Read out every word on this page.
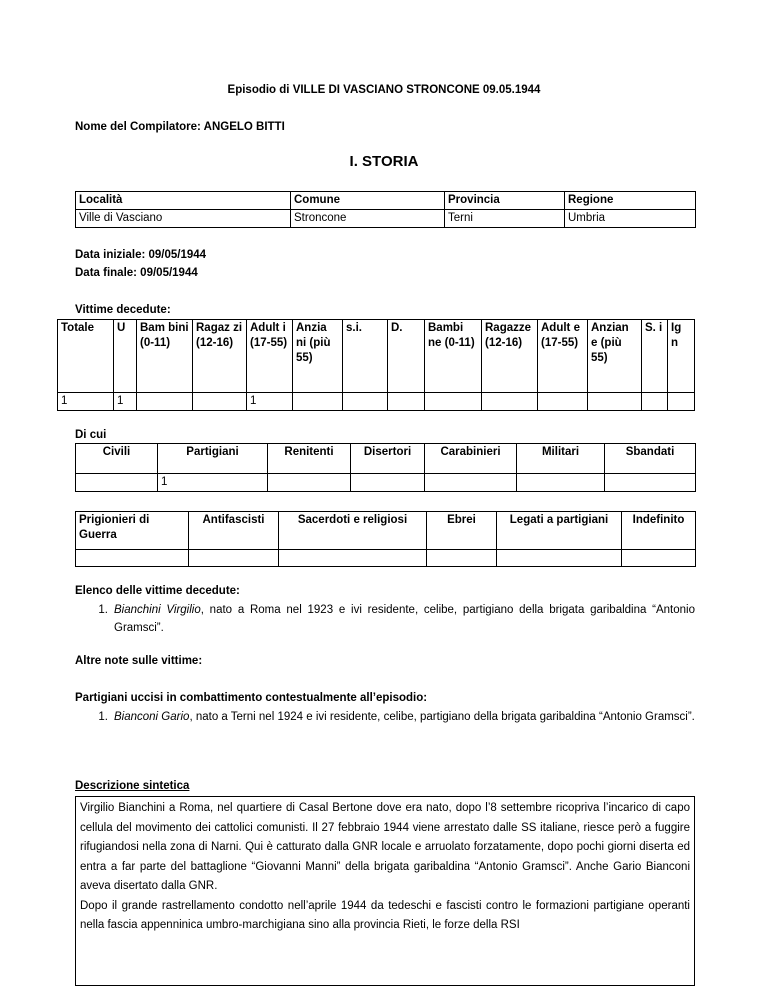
Episodio di VILLE DI VASCIANO STRONCONE 09.05.1944
Nome del Compilatore: ANGELO BITTI
I. STORIA
Località	Comune	Provincia	Regione
Ville di Vasciano	Stronconе	Terni	Umbria
Data iniziale: 09/05/1944
Data finale: 09/05/1944
Vittime decedute:
Totale	U	Bam bini (0-11)	Ragaz zi (12-16)	Adult i (17-55)	Anzia ni (più 55)	s.i.	D.	Bambi ne (0-11)	Ragazze (12-16)	Adult e (17-55)	Anzian e (più 55)	S. i	Ig n
1	1			1									
Di cui
Civili	Partigiani	Renitenti	Disertori	Carabinieri	Militari	Sbandati
	1					
Prigionieri di Guerra	Antifascisti	Sacerdoti e religiosi	Ebrei	Legati a partigiani	Indefinito

Elenco delle vittime decedute:
1. Bianchini Virgilio, nato a Roma nel 1923 e ivi residente, celibe, partigiano della brigata garibaldina “Antonio Gramsci”.
Altre note sulle vittime:
Partigiani uccisi in combattimento contestualmente all’episodio:
1. Bianconi Gario, nato a Terni nel 1924 e ivi residente, celibe, partigiano della brigata garibaldina “Antonio Gramsci”.
Descrizione sintetica
Virgilio Bianchini a Roma, nel quartiere di Casal Bertone dove era nato, dopo l’8 settembre ricopriva l’incarico di capo cellula del movimento dei cattolici comunisti. Il 27 febbraio 1944 viene arrestato dalle SS italiane, riesce però a fuggire rifugiandosi nella zona di Narni. Qui è catturato dalla GNR locale e arruolato forzatamente, dopo pochi giorni diserta ed entra a far parte del battaglione “Giovanni Manni” della brigata garibaldina “Antonio Gramsci”. Anche Gario Bianconi aveva disertato dalla GNR.
Dopo il grande rastrellamento condotto nell’aprile 1944 da tedeschi e fascisti contro le formazioni partigiane operanti nella fascia appenninica umbro-marchigiana sino alla provincia Rieti, le forze della RSI
